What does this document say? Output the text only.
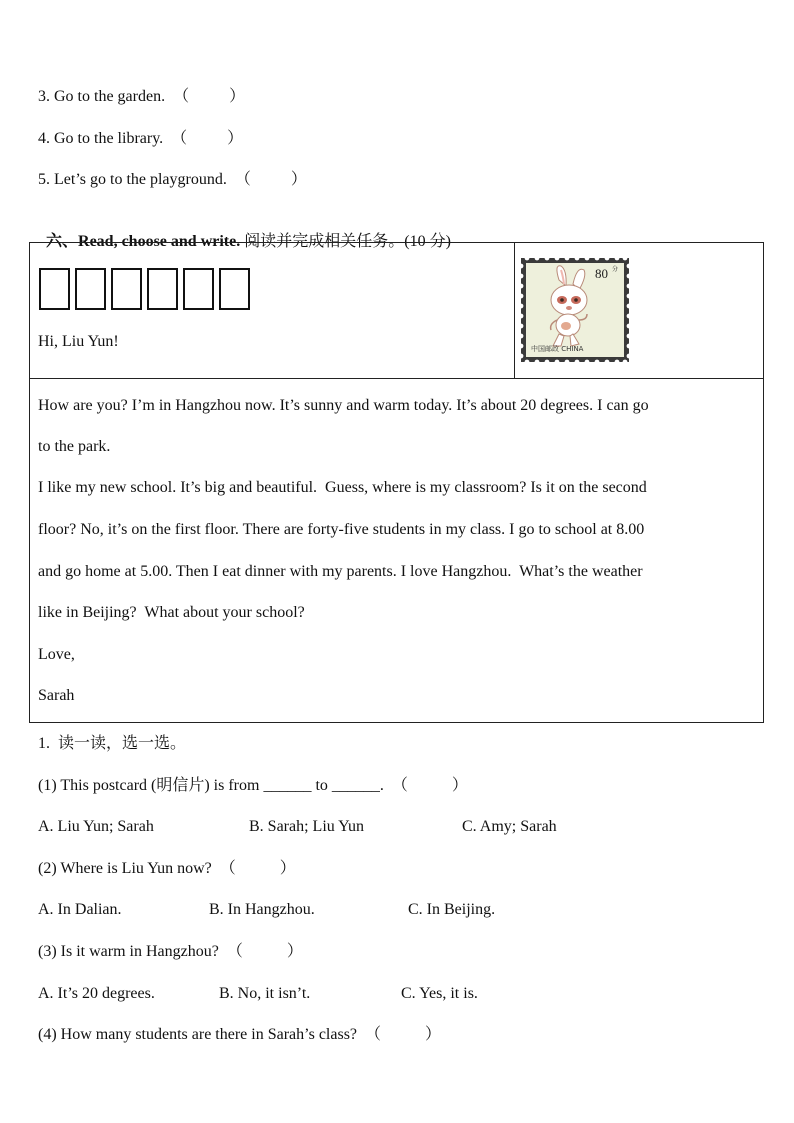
3. Go to the garden.  （          ）
4. Go to the library.  （          ）
5. Let’s go to the playground.  （          ）

六、Read, choose and write. 阅读并完成相关任务。(10 分)

Hi, Liu Yun!
80 分
中国邮政 CHINA
How are you? I’m in Hangzhou now. It’s sunny and warm today. It’s about 20 degrees. I can go
to the park.
I like my new school. It’s big and beautiful.  Guess, where is my classroom? Is it on the second
floor? No, it’s on the first floor. There are forty-five students in my class. I go to school at 8.00
and go home at 5.00. Then I eat dinner with my parents. I love Hangzhou.  What’s the weather
like in Beijing?  What about your school?
Love,
Sarah
1.  读一读，选一选。
(1) This postcard (明信片) is from ______ to ______.  （           ）
A. Liu Yun; Sarah	B. Sarah; Liu Yun	C. Amy; Sarah
(2) Where is Liu Yun now?  （           ）
A. In Dalian.	B. In Hangzhou.	C. In Beijing.
(3) Is it warm in Hangzhou?  （           ）
A. It’s 20 degrees.	B. No, it isn’t.	C. Yes, it is.
(4) How many students are there in Sarah’s class?  （           ）
